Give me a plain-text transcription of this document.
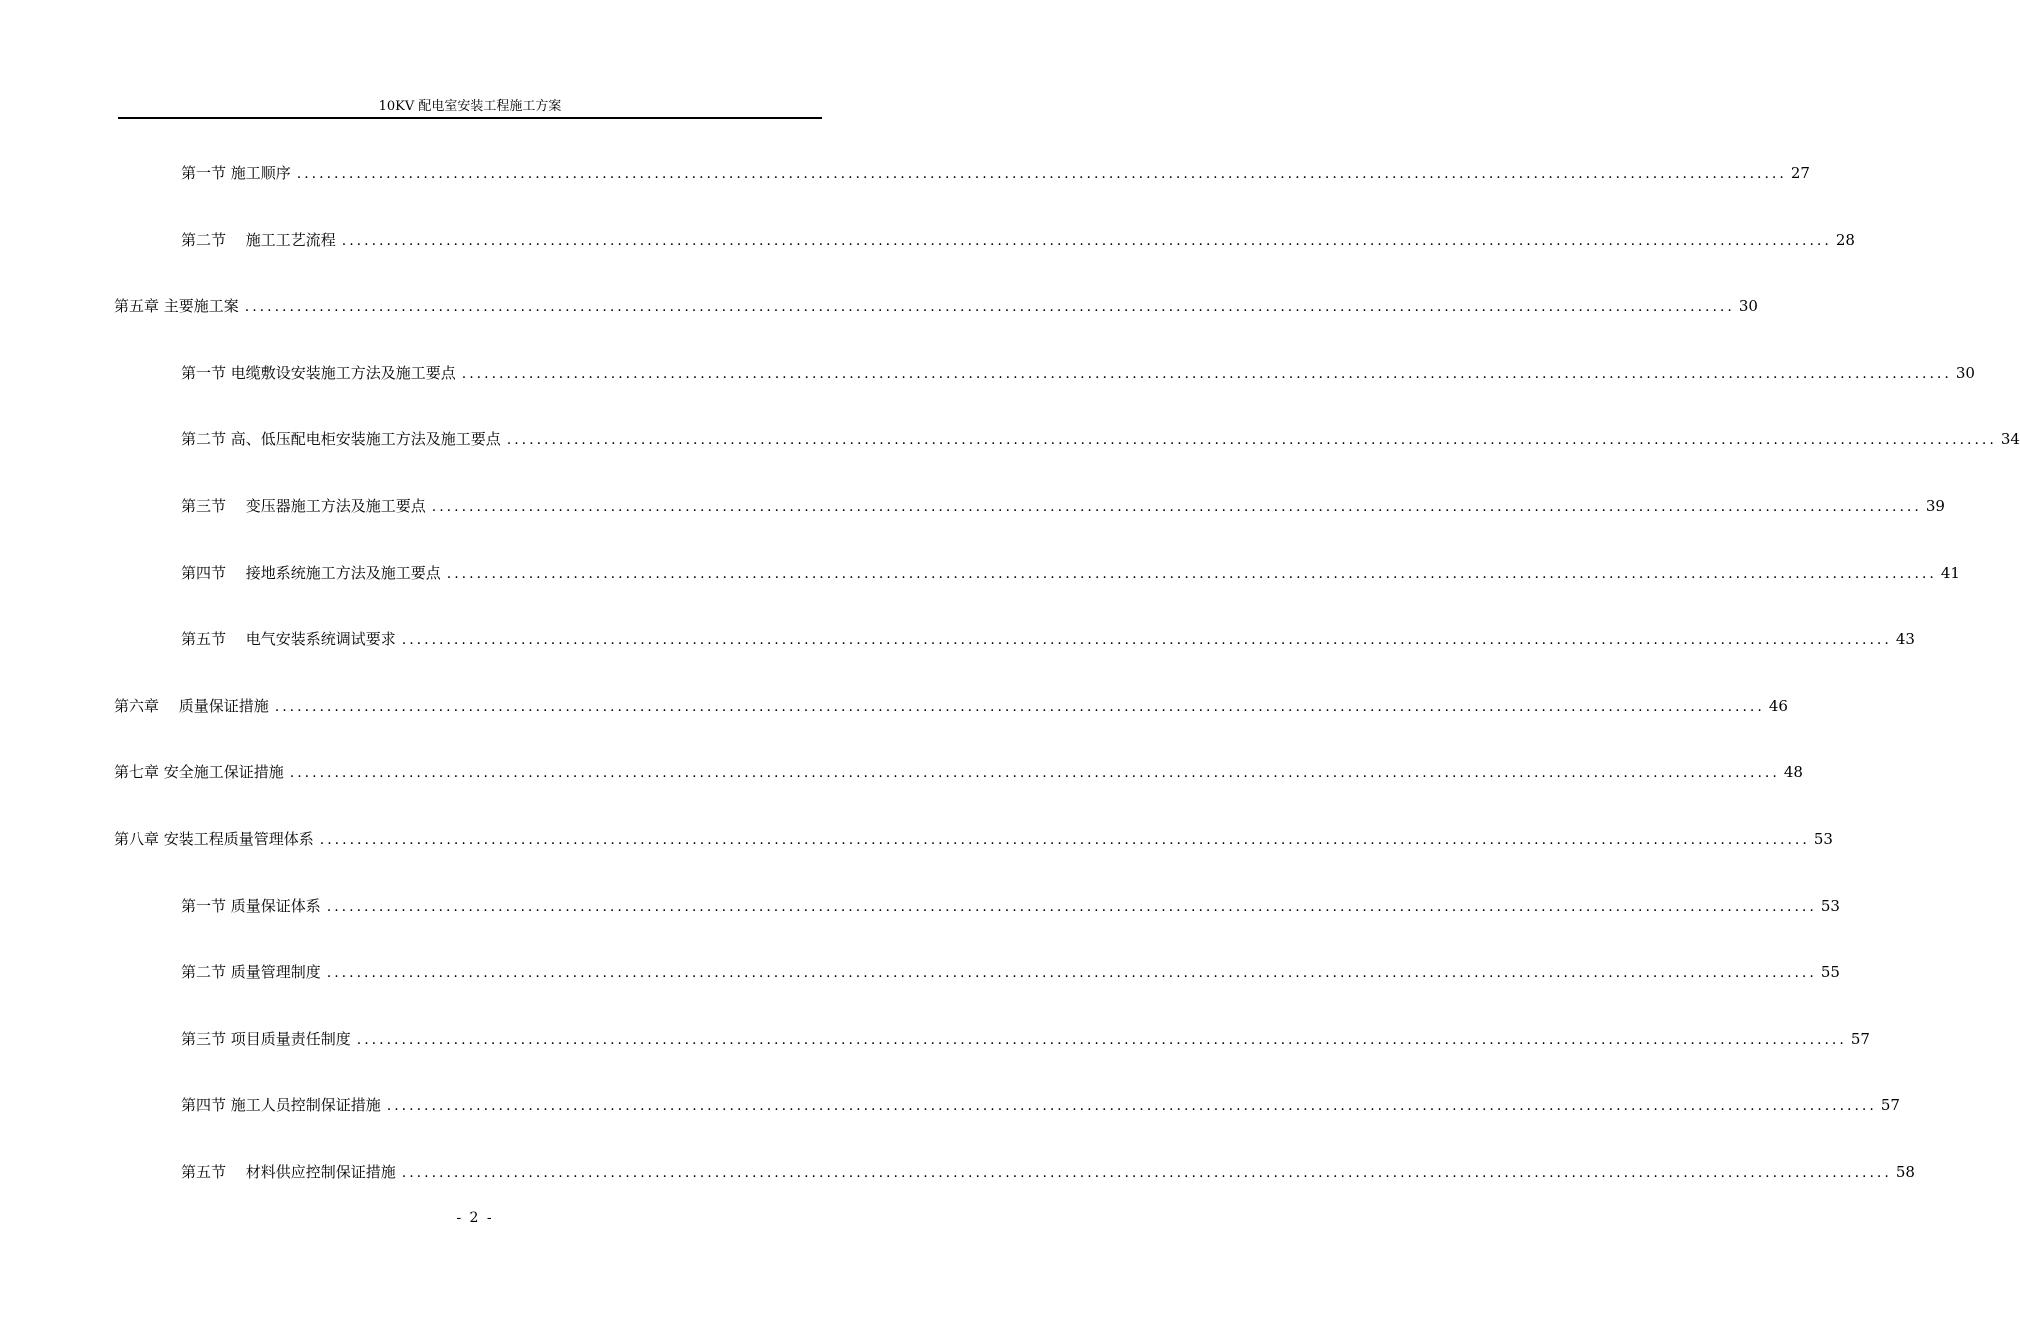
10KV 配电室安装工程施工方案
第一节 施工顺序 ........................................................................................................................................................................................................ 27
第二节　 施工工艺流程 ........................................................................................................................................................................................................ 28
第五章 主要施工案 ........................................................................................................................................................................................................ 30
第一节 电缆敷设安装施工方法及施工要点 ........................................................................................................................................................................................................ 30
第二节 高、低压配电柜安装施工方法及施工要点 ........................................................................................................................................................................................................ 34
第三节　 变压器施工方法及施工要点 ........................................................................................................................................................................................................ 39
第四节　 接地系统施工方法及施工要点 ........................................................................................................................................................................................................ 41
第五节　 电气安装系统调试要求 ........................................................................................................................................................................................................ 43
第六章　 质量保证措施 ........................................................................................................................................................................................................ 46
第七章 安全施工保证措施 ........................................................................................................................................................................................................ 48
第八章 安装工程质量管理体系 ........................................................................................................................................................................................................ 53
第一节 质量保证体系 ........................................................................................................................................................................................................ 53
第二节 质量管理制度 ........................................................................................................................................................................................................ 55
第三节 项目质量责任制度 ........................................................................................................................................................................................................ 57
第四节 施工人员控制保证措施 ........................................................................................................................................................................................................ 57
第五节　 材料供应控制保证措施 ........................................................................................................................................................................................................ 58
- 2 -
